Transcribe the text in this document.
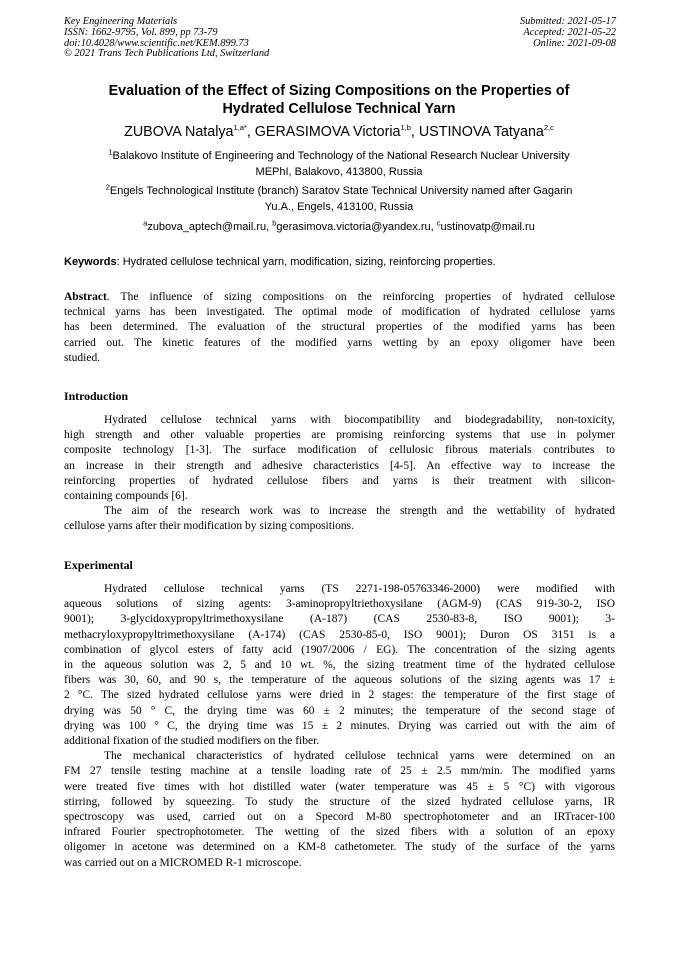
Key Engineering Materials
ISSN: 1662-9795, Vol. 899, pp 73-79
doi:10.4028/www.scientific.net/KEM.899.73
© 2021 Trans Tech Publications Ltd, Switzerland
Submitted: 2021-05-17
Accepted: 2021-05-22
Online: 2021-09-08
Evaluation of the Effect of Sizing Compositions on the Properties of
Hydrated Cellulose Technical Yarn
ZUBOVA Natalya$^{1,a*}$, GERASIMOVA Victoria$^{1,b}$, USTINOVA Tatyana$^{2,c}$
$^1$Balakovo Institute of Engineering and Technology of the National Research Nuclear University
MEPhI, Balakovo, 413800, Russia
$^2$Engels Technological Institute (branch) Saratov State Technical University named after Gagarin
Yu.A., Engels, 413100, Russia
$^a$zubova_aptech@mail.ru, $^b$gerasimova.victoria@yandex.ru, $^c$ustinovatp@mail.ru
Keywords: Hydrated cellulose technical yarn, modification, sizing, reinforcing properties.
Abstract. The influence of sizing compositions on the reinforcing properties of hydrated cellulose
technical yarns has been investigated. The optimal mode of modification of hydrated cellulose yarns
has been determined. The evaluation of the structural properties of the modified yarns has been
carried out. The kinetic features of the modified yarns wetting by an epoxy oligomer have been
studied.
Introduction
Hydrated cellulose technical yarns with biocompatibility and biodegradability, non-toxicity,
high strength and other valuable properties are promising reinforcing systems that use in polymer
composite technology [1-3]. The surface modification of cellulosic fibrous materials contributes to
an increase in their strength and adhesive characteristics [4-5]. An effective way to increase the
reinforcing properties of hydrated cellulose fibers and yarns is their treatment with silicon-
containing compounds [6].
The aim of the research work was to increase the strength and the wettability of hydrated
cellulose yarns after their modification by sizing compositions.
Experimental
Hydrated cellulose technical yarns (TS 2271-198-05763346-2000) were modified with
aqueous solutions of sizing agents: 3-aminopropyltriethoxysilane (AGM-9) (CAS 919-30-2, ISO
9001); 3-glycidoxypropyltrimethoxysilane (A-187) (CAS 2530-83-8, ISO 9001); 3-
methacryloxypropyltrimethoxysilane (A-174) (CAS 2530-85-0, ISO 9001); Duron OS 3151 is a
combination of glycol esters of fatty acid (1907/2006 / EG). The concentration of the sizing agents
in the aqueous solution was 2, 5 and 10 wt. %, the sizing treatment time of the hydrated cellulose
fibers was 30, 60, and 90 s, the temperature of the aqueous solutions of the sizing agents was 17 ±
2 °C. The sized hydrated cellulose yarns were dried in 2 stages: the temperature of the first stage of
drying was 50 ° C, the drying time was 60 ± 2 minutes; the temperature of the second stage of
drying was 100 ° C, the drying time was 15 ± 2 minutes. Drying was carried out with the aim of
additional fixation of the studied modifiers on the fiber.
The mechanical characteristics of hydrated cellulose technical yarns were determined on an
FM 27 tensile testing machine at a tensile loading rate of 25 ± 2.5 mm/min. The modified yarns
were treated five times with hot distilled water (water temperature was 45 ± 5 °C) with vigorous
stirring, followed by squeezing. To study the structure of the sized hydrated cellulose yarns, IR
spectroscopy was used, carried out on a Specord M-80 spectrophotometer and an IRTracer-100
infrared Fourier spectrophotometer. The wetting of the sized fibers with a solution of an epoxy
oligomer in acetone was determined on a KM-8 cathetometer. The study of the surface of the yarns
was carried out on a MICROMED R-1 microscope.
